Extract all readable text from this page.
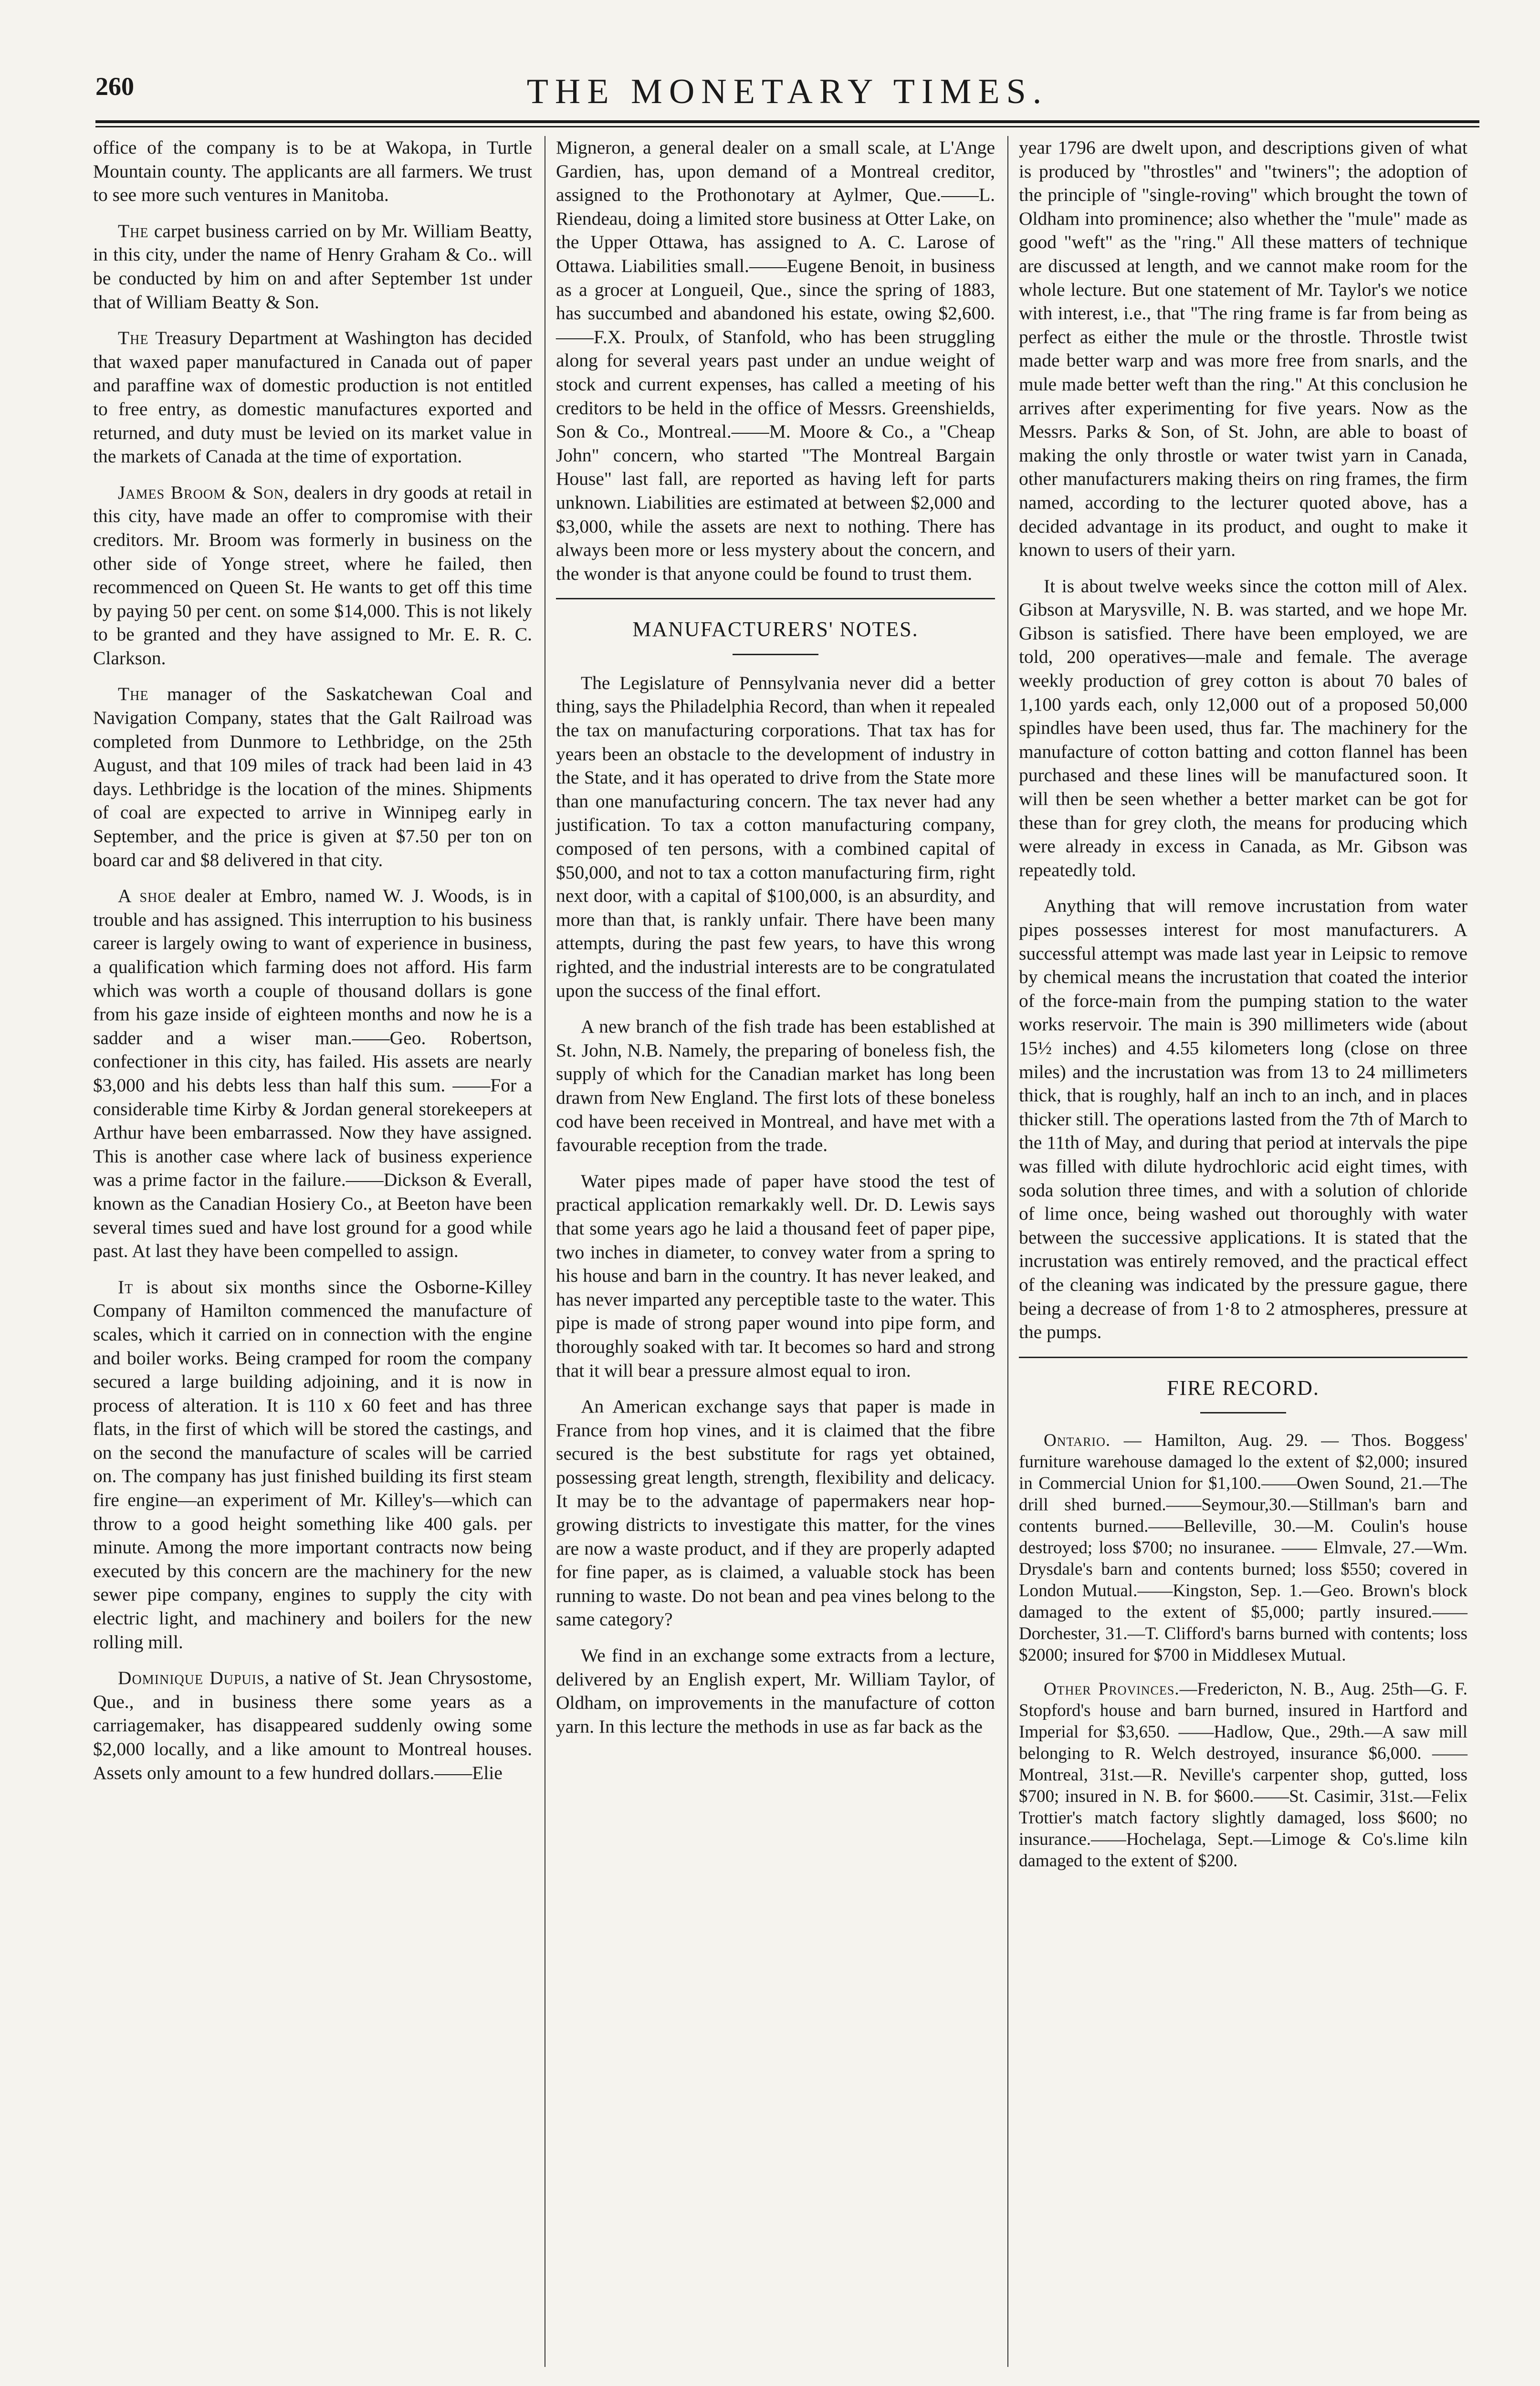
260	THE MONETARY TIMES.

office of the company is to be at Wakopa, in Turtle Mountain county. The applicants are all farmers. We trust to see more such ventures in Manitoba.

The carpet business carried on by Mr. William Beatty, in this city, under the name of Henry Graham & Co.. will be conducted by him on and after September 1st under that of William Beatty & Son.

The Treasury Department at Washington has decided that waxed paper manufactured in Canada out of paper and paraffine wax of domestic production is not entitled to free entry, as domestic manufactures exported and returned, and duty must be levied on its market value in the markets of Canada at the time of exportation.

James Broom & Son, dealers in dry goods at retail in this city, have made an offer to compromise with their creditors. Mr. Broom was formerly in business on the other side of Yonge street, where he failed, then recommenced on Queen St. He wants to get off this time by paying 50 per cent. on some $14,000. This is not likely to be granted and they have assigned to Mr. E. R. C. Clarkson.

The manager of the Saskatchewan Coal and Navigation Company, states that the Galt Railroad was completed from Dunmore to Lethbridge, on the 25th August, and that 109 miles of track had been laid in 43 days. Lethbridge is the location of the mines. Shipments of coal are expected to arrive in Winnipeg early in September, and the price is given at $7.50 per ton on board car and $8 delivered in that city.

A shoe dealer at Embro, named W. J. Woods, is in trouble and has assigned. This interruption to his business career is largely owing to want of experience in business, a qualification which farming does not afford. His farm which was worth a couple of thousand dollars is gone from his gaze inside of eighteen months and now he is a sadder and a wiser man.——Geo. Robertson, confectioner in this city, has failed. His assets are nearly $3,000 and his debts less than half this sum. ——For a considerable time Kirby & Jordan general storekeepers at Arthur have been embarrassed. Now they have assigned. This is another case where lack of business experience was a prime factor in the failure.——Dickson & Everall, known as the Canadian Hosiery Co., at Beeton have been several times sued and have lost ground for a good while past. At last they have been compelled to assign.

It is about six months since the Osborne-Killey Company of Hamilton commenced the manufacture of scales, which it carried on in connection with the engine and boiler works. Being cramped for room the company secured a large building adjoining, and it is now in process of alteration. It is 110 x 60 feet and has three flats, in the first of which will be stored the castings, and on the second the manufacture of scales will be carried on. The company has just finished building its first steam fire engine—an experiment of Mr. Killey's—which can throw to a good height something like 400 gals. per minute. Among the more important contracts now being executed by this concern are the machinery for the new sewer pipe company, engines to supply the city with electric light, and machinery and boilers for the new rolling mill.

Dominique Dupuis, a native of St. Jean Chrysostome, Que., and in business there some years as a carriagemaker, has disappeared suddenly owing some $2,000 locally, and a like amount to Montreal houses. Assets only amount to a few hundred dollars.——Elie

Migneron, a general dealer on a small scale, at L'Ange Gardien, has, upon demand of a Montreal creditor, assigned to the Prothonotary at Aylmer, Que.——L. Riendeau, doing a limited store business at Otter Lake, on the Upper Ottawa, has assigned to A. C. Larose of Ottawa. Liabilities small.——Eugene Benoit, in business as a grocer at Longueil, Que., since the spring of 1883, has succumbed and abandoned his estate, owing $2,600.——F.X. Proulx, of Stanfold, who has been struggling along for several years past under an undue weight of stock and current expenses, has called a meeting of his creditors to be held in the office of Messrs. Greenshields, Son & Co., Montreal.——M. Moore & Co., a "Cheap John" concern, who started "The Montreal Bargain House" last fall, are reported as having left for parts unknown. Liabilities are estimated at between $2,000 and $3,000, while the assets are next to nothing. There has always been more or less mystery about the concern, and the wonder is that anyone could be found to trust them.

MANUFACTURERS' NOTES.

The Legislature of Pennsylvania never did a better thing, says the Philadelphia Record, than when it repealed the tax on manufacturing corporations. That tax has for years been an obstacle to the development of industry in the State, and it has operated to drive from the State more than one manufacturing concern. The tax never had any justification. To tax a cotton manufacturing company, composed of ten persons, with a combined capital of $50,000, and not to tax a cotton manufacturing firm, right next door, with a capital of $100,000, is an absurdity, and more than that, is rankly unfair. There have been many attempts, during the past few years, to have this wrong righted, and the industrial interests are to be congratulated upon the success of the final effort.

A new branch of the fish trade has been established at St. John, N.B. Namely, the preparing of boneless fish, the supply of which for the Canadian market has long been drawn from New England. The first lots of these boneless cod have been received in Montreal, and have met with a favourable reception from the trade.

Water pipes made of paper have stood the test of practical application remarkakly well. Dr. D. Lewis says that some years ago he laid a thousand feet of paper pipe, two inches in diameter, to convey water from a spring to his house and barn in the country. It has never leaked, and has never imparted any perceptible taste to the water. This pipe is made of strong paper wound into pipe form, and thoroughly soaked with tar. It becomes so hard and strong that it will bear a pressure almost equal to iron.

An American exchange says that paper is made in France from hop vines, and it is claimed that the fibre secured is the best substitute for rags yet obtained, possessing great length, strength, flexibility and delicacy. It may be to the advantage of papermakers near hop-growing districts to investigate this matter, for the vines are now a waste product, and if they are properly adapted for fine paper, as is claimed, a valuable stock has been running to waste. Do not bean and pea vines belong to the same category?

We find in an exchange some extracts from a lecture, delivered by an English expert, Mr. William Taylor, of Oldham, on improvements in the manufacture of cotton yarn. In this lecture the methods in use as far back as the

year 1796 are dwelt upon, and descriptions given of what is produced by "throstles" and "twiners"; the adoption of the principle of "single-roving" which brought the town of Oldham into prominence; also whether the "mule" made as good "weft" as the "ring." All these matters of technique are discussed at length, and we cannot make room for the whole lecture. But one statement of Mr. Taylor's we notice with interest, i.e., that "The ring frame is far from being as perfect as either the mule or the throstle. Throstle twist made better warp and was more free from snarls, and the mule made better weft than the ring." At this conclusion he arrives after experimenting for five years. Now as the Messrs. Parks & Son, of St. John, are able to boast of making the only throstle or water twist yarn in Canada, other manufacturers making theirs on ring frames, the firm named, according to the lecturer quoted above, has a decided advantage in its product, and ought to make it known to users of their yarn.

It is about twelve weeks since the cotton mill of Alex. Gibson at Marysville, N. B. was started, and we hope Mr. Gibson is satisfied. There have been employed, we are told, 200 operatives—male and female. The average weekly production of grey cotton is about 70 bales of 1,100 yards each, only 12,000 out of a proposed 50,000 spindles have been used, thus far. The machinery for the manufacture of cotton batting and cotton flannel has been purchased and these lines will be manufactured soon. It will then be seen whether a better market can be got for these than for grey cloth, the means for producing which were already in excess in Canada, as Mr. Gibson was repeatedly told.

Anything that will remove incrustation from water pipes possesses interest for most manufacturers. A successful attempt was made last year in Leipsic to remove by chemical means the incrustation that coated the interior of the force-main from the pumping station to the water works reservoir. The main is 390 millimeters wide (about 15½ inches) and 4.55 kilometers long (close on three miles) and the incrustation was from 13 to 24 millimeters thick, that is roughly, half an inch to an inch, and in places thicker still. The operations lasted from the 7th of March to the 11th of May, and during that period at intervals the pipe was filled with dilute hydrochloric acid eight times, with soda solution three times, and with a solution of chloride of lime once, being washed out thoroughly with water between the successive applications. It is stated that the incrustation was entirely removed, and the practical effect of the cleaning was indicated by the pressure gague, there being a decrease of from 1·8 to 2 atmospheres, pressure at the pumps.

FIRE RECORD.

Ontario. — Hamilton, Aug. 29. — Thos. Boggess' furniture warehouse damaged lo the extent of $2,000; insured in Commercial Union for $1,100.——Owen Sound, 21.—The drill shed burned.——Seymour,30.—Stillman's barn and contents burned.——Belleville, 30.—M. Coulin's house destroyed; loss $700; no insuranee. —— Elmvale, 27.—Wm. Drysdale's barn and contents burned; loss $550; covered in London Mutual.——Kingston, Sep. 1.—Geo. Brown's block damaged to the extent of $5,000; partly insured.——Dorchester, 31.—T. Clifford's barns burned with contents; loss $2000; insured for $700 in Middlesex Mutual.

Other Provinces.—Fredericton, N. B., Aug. 25th—G. F. Stopford's house and barn burned, insured in Hartford and Imperial for $3,650. ——Hadlow, Que., 29th.—A saw mill belonging to R. Welch destroyed, insurance $6,000. ——Montreal, 31st.—R. Neville's carpenter shop, gutted, loss $700; insured in N. B. for $600.——St. Casimir, 31st.—Felix Trottier's match factory slightly damaged, loss $600; no insurance.——Hochelaga, Sept.—Limoge & Co's.lime kiln damaged to the extent of $200.
